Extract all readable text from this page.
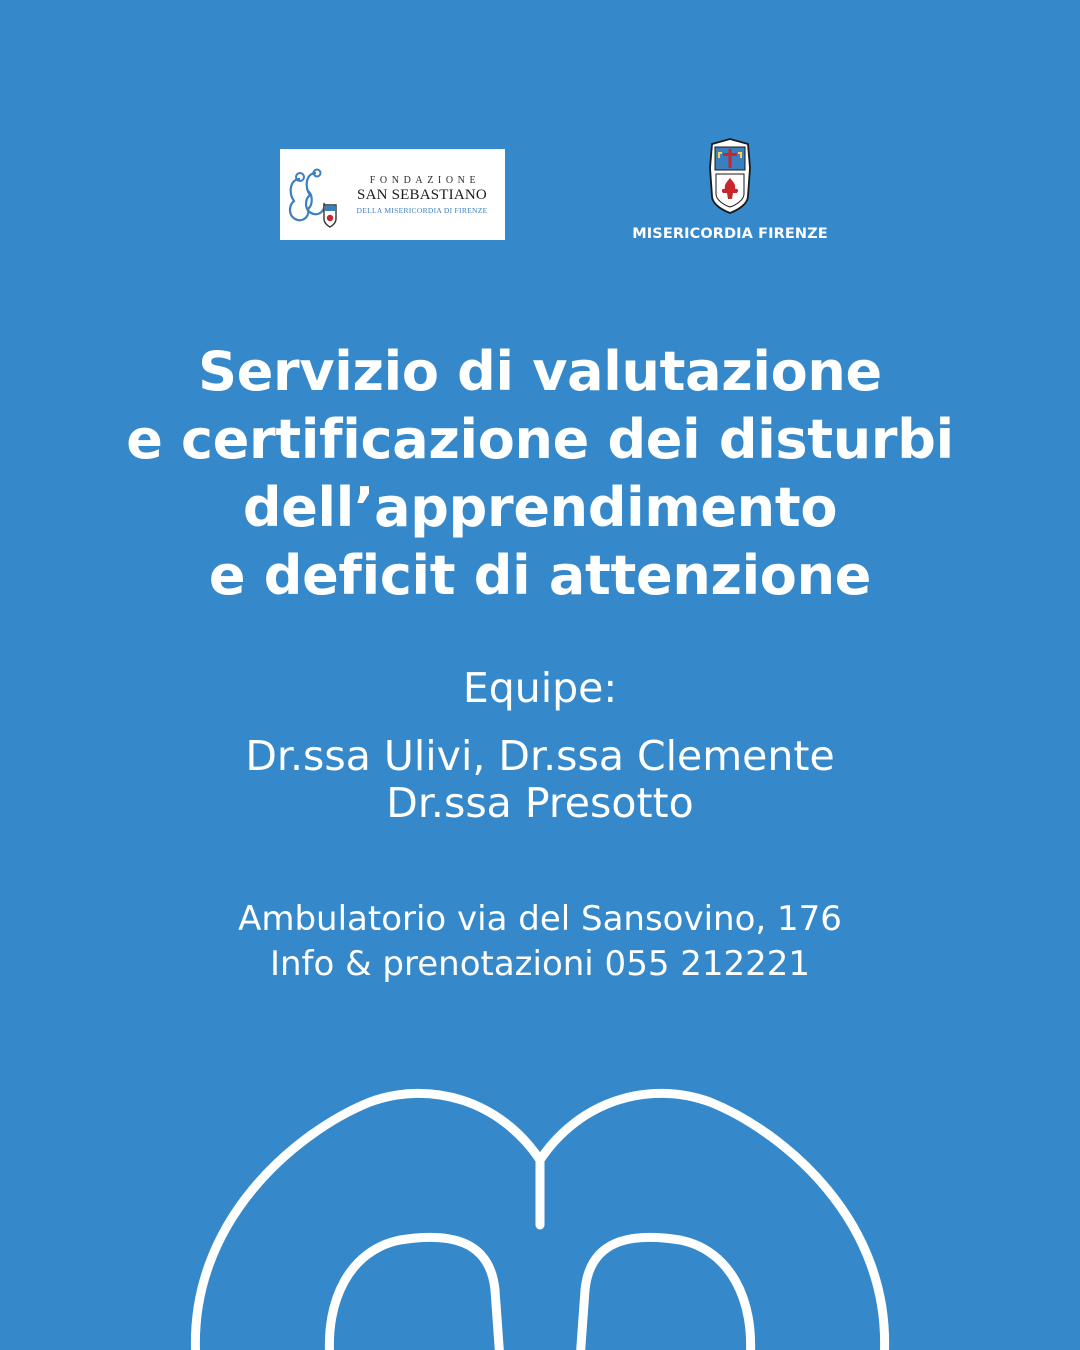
FONDAZIONE
SAN SEBASTIANO
DELLA MISERICORDIA DI FIRENZE
MISERICORDIA FIRENZE
Servizio di valutazione
e certificazione dei disturbi
dell’apprendimento
e deficit di attenzione
Equipe:
Dr.ssa Ulivi, Dr.ssa Clemente
Dr.ssa Presotto
Ambulatorio via del Sansovino, 176
Info & prenotazioni 055 212221
